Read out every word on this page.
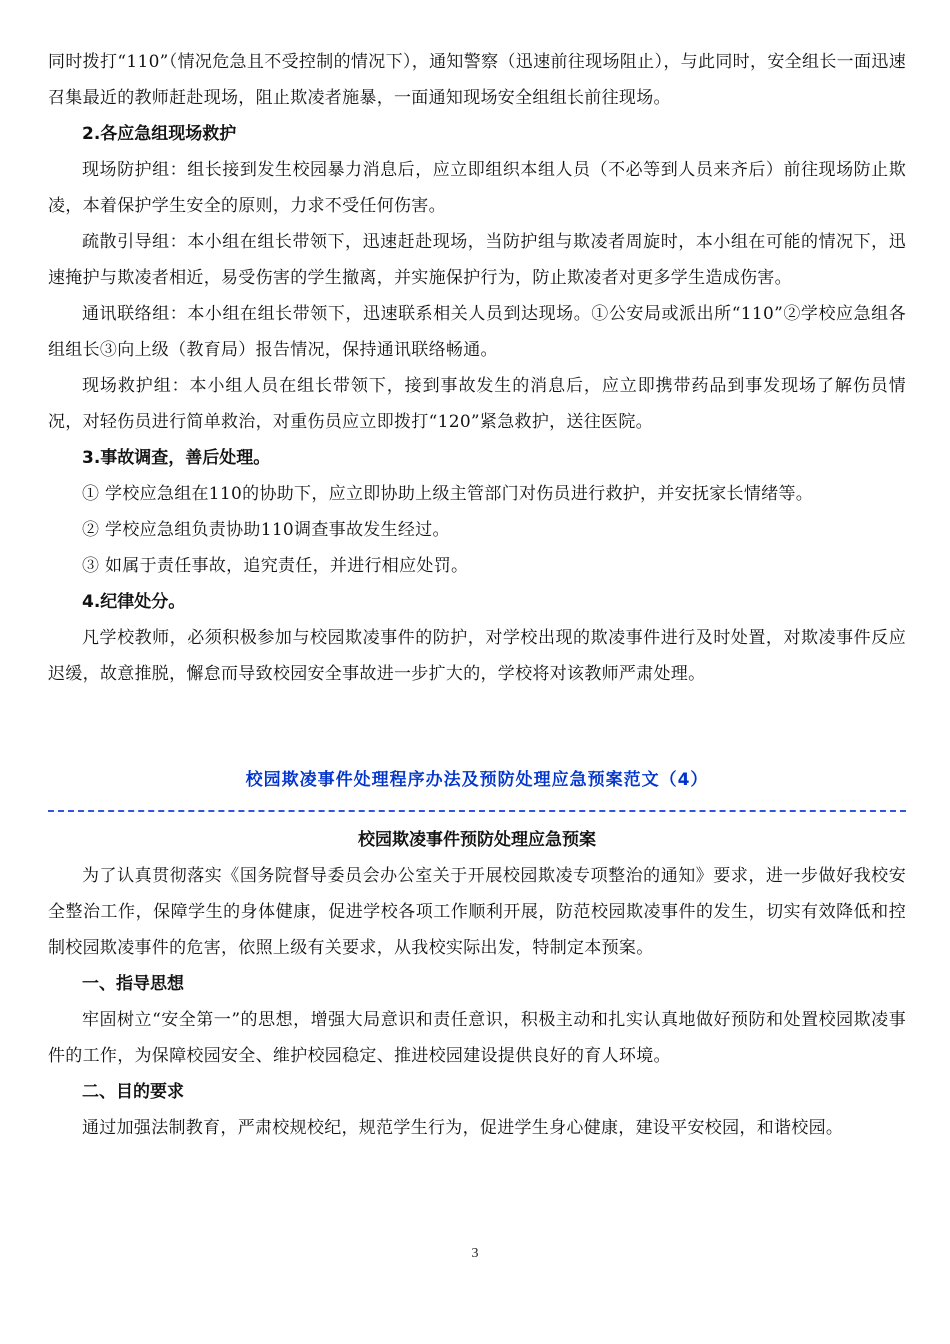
同时拨打“110”（情况危急且不受控制的情况下），通知警察（迅速前往现场阻止），与此同时，安全组长一面迅速召集最近的教师赶赴现场，阻止欺凌者施暴，一面通知现场安全组组长前往现场。

2.各应急组现场救护

现场防护组：组长接到发生校园暴力消息后，应立即组织本组人员（不必等到人员来齐后）前往现场防止欺凌，本着保护学生安全的原则，力求不受任何伤害。

疏散引导组：本小组在组长带领下，迅速赶赴现场，当防护组与欺凌者周旋时，本小组在可能的情况下，迅速掩护与欺凌者相近，易受伤害的学生撤离，并实施保护行为，防止欺凌者对更多学生造成伤害。

通讯联络组：本小组在组长带领下，迅速联系相关人员到达现场。①公安局或派出所“110”②学校应急组各组组长③向上级（教育局）报告情况，保持通讯联络畅通。

现场救护组：本小组人员在组长带领下，接到事故发生的消息后，应立即携带药品到事发现场了解伤员情况，对轻伤员进行简单救治，对重伤员应立即拨打“120”紧急救护，送往医院。

3.事故调查，善后处理。

① 学校应急组在110的协助下，应立即协助上级主管部门对伤员进行救护，并安抚家长情绪等。

② 学校应急组负责协助110调查事故发生经过。

③ 如属于责任事故，追究责任，并进行相应处罚。

4.纪律处分。

凡学校教师，必须积极参加与校园欺凌事件的防护，对学校出现的欺凌事件进行及时处置，对欺凌事件反应迟缓，故意推脱，懈怠而导致校园安全事故进一步扩大的，学校将对该教师严肃处理。

校园欺凌事件处理程序办法及预防处理应急预案范文（4）

校园欺凌事件预防处理应急预案

为了认真贯彻落实《国务院督导委员会办公室关于开展校园欺凌专项整治的通知》要求，进一步做好我校安全整治工作，保障学生的身体健康，促进学校各项工作顺利开展，防范校园欺凌事件的发生，切实有效降低和控制校园欺凌事件的危害，依照上级有关要求，从我校实际出发，特制定本预案。

一、指导思想

牢固树立“安全第一”的思想，增强大局意识和责任意识，积极主动和扎实认真地做好预防和处置校园欺凌事件的工作，为保障校园安全、维护校园稳定、推进校园建设提供良好的育人环境。

二、目的要求

通过加强法制教育，严肃校规校纪，规范学生行为，促进学生身心健康，建设平安校园，和谐校园。

3
